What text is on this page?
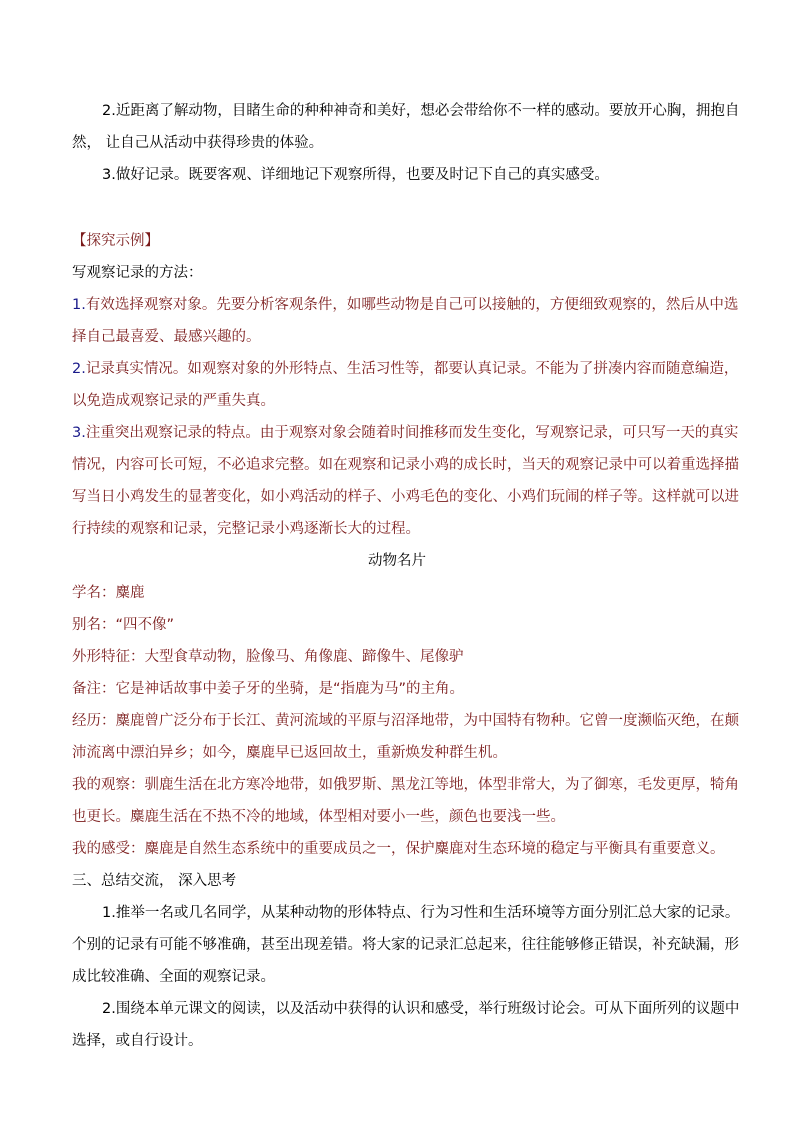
2.近距离了解动物，目睹生命的种种神奇和美好，想必会带给你不一样的感动。要放开心胸，拥抱自
然， 让自己从活动中获得珍贵的体验。
3.做好记录。既要客观、详细地记下观察所得，也要及时记下自己的真实感受。
【探究示例】
写观察记录的方法：
1.有效选择观察对象。先要分析客观条件，如哪些动物是自己可以接触的，方便细致观察的，然后从中选
择自己最喜爱、最感兴趣的。
2.记录真实情况。如观察对象的外形特点、生活习性等，都要认真记录。不能为了拼凑内容而随意编造，
以免造成观察记录的严重失真。
3.注重突出观察记录的特点。由于观察对象会随着时间推移而发生变化，写观察记录，可只写一天的真实
情况，内容可长可短，不必追求完整。如在观察和记录小鸡的成长时，当天的观察记录中可以着重选择描
写当日小鸡发生的显著变化，如小鸡活动的样子、小鸡毛色的变化、小鸡们玩闹的样子等。这样就可以进
行持续的观察和记录，完整记录小鸡逐渐长大的过程。
动物名片
学名：麋鹿
别名：“四不像”
外形特征：大型食草动物，脸像马、角像鹿、蹄像牛、尾像驴
备注：它是神话故事中姜子牙的坐骑，是“指鹿为马”的主角。
经历：麋鹿曾广泛分布于长江、黄河流域的平原与沼泽地带，为中国特有物种。它曾一度濒临灭绝，在颠
沛流离中漂泊异乡；如今，麋鹿早已返回故土，重新焕发种群生机。
我的观察：驯鹿生活在北方寒冷地带，如俄罗斯、黑龙江等地，体型非常大，为了御寒，毛发更厚，犄角
也更长。麋鹿生活在不热不冷的地域，体型相对要小一些，颜色也要浅一些。
我的感受：麋鹿是自然生态系统中的重要成员之一，保护麋鹿对生态环境的稳定与平衡具有重要意义。
三、总结交流， 深入思考
1.推举一名或几名同学，从某种动物的形体特点、行为习性和生活环境等方面分别汇总大家的记录。
个别的记录有可能不够准确，甚至出现差错。将大家的记录汇总起来，往往能够修正错误，补充缺漏，形
成比较准确、全面的观察记录。
2.围绕本单元课文的阅读，以及活动中获得的认识和感受，举行班级讨论会。可从下面所列的议题中
选择，或自行设计。
